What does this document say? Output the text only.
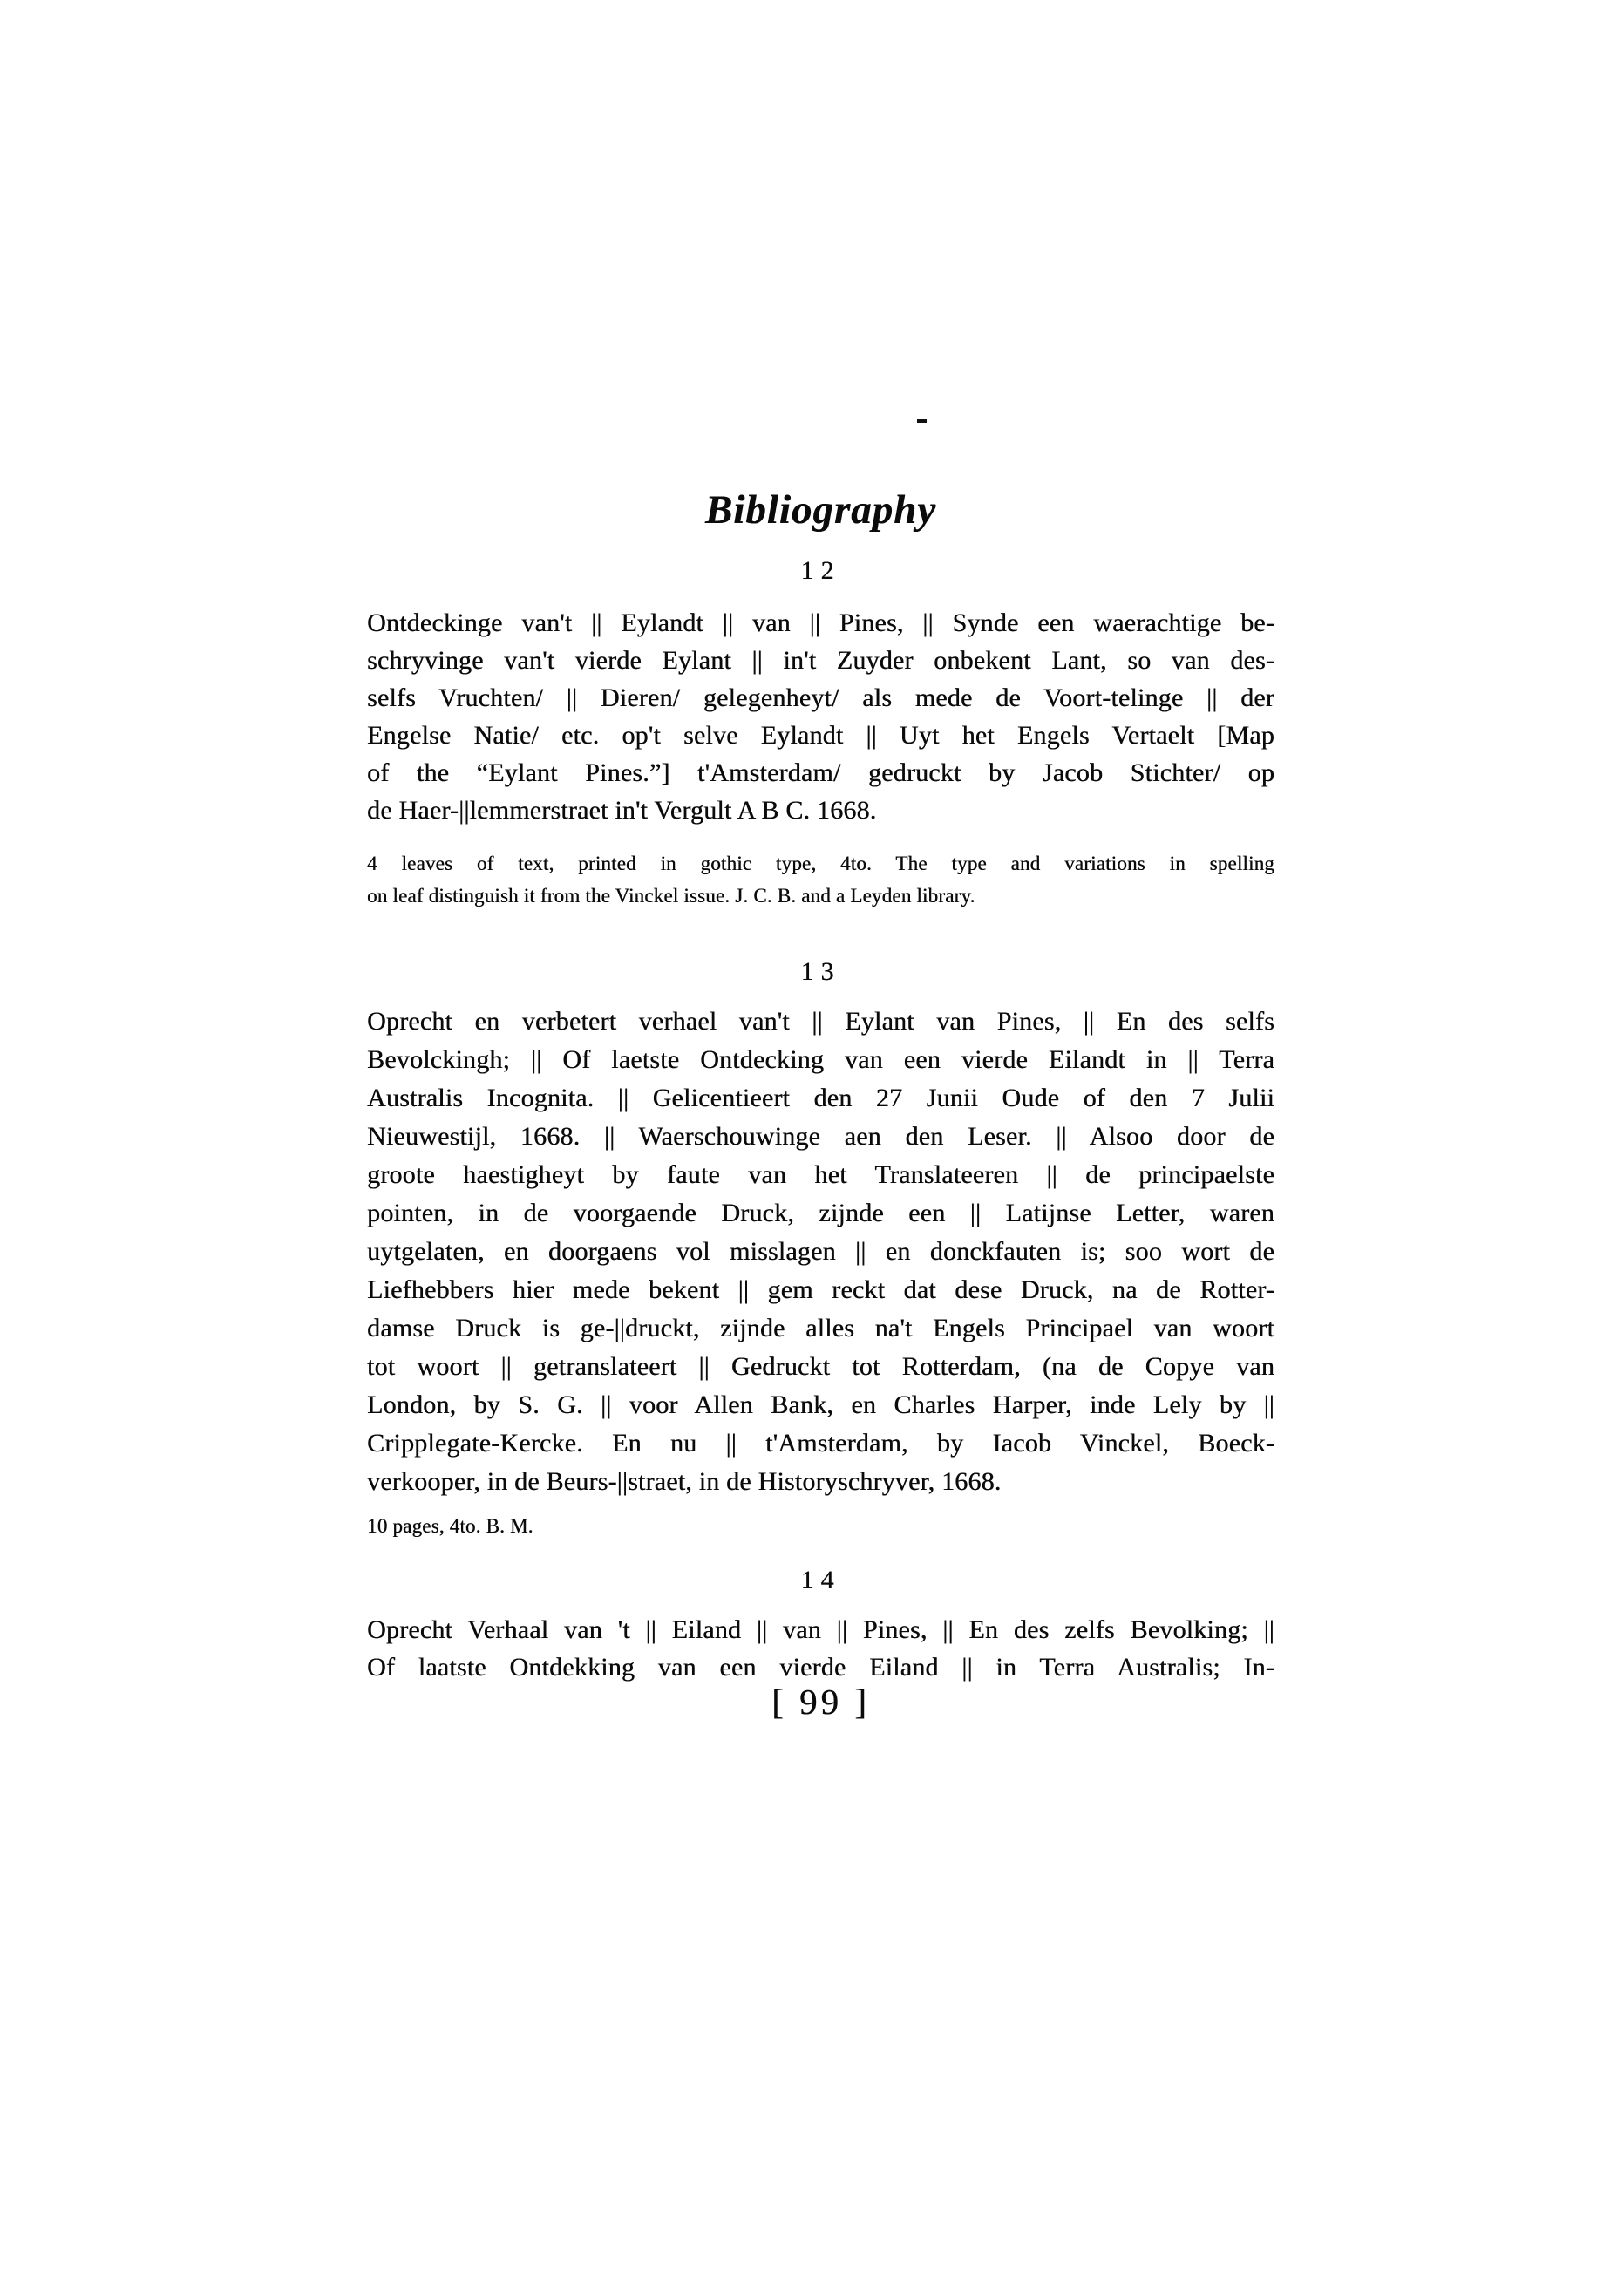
Bibliography
12
Ontdeckinge van't || Eylandt || van || Pines, || Synde een waerachtige be-
schryvinge van't vierde Eylant || in't Zuyder onbekent Lant, so van des-
selfs Vruchten/ || Dieren/ gelegenheyt/ als mede de Voort-telinge || der
Engelse Natie/ etc. op't selve Eylandt || Uyt het Engels Vertaelt [Map
of the “Eylant Pines.”] t'Amsterdam/ gedruckt by Jacob Stichter/ op
de Haer-||lemmerstraet in't Vergult A B C. 1668.
4 leaves of text, printed in gothic type, 4to. The type and variations in spelling
on leaf distinguish it from the Vinckel issue. J. C. B. and a Leyden library.
13
Oprecht en verbetert verhael van't || Eylant van Pines, || En des selfs
Bevolckingh; || Of laetste Ontdecking van een vierde Eilandt in || Terra
Australis Incognita. || Gelicentieert den 27 Junii Oude of den 7 Julii
Nieuwestijl, 1668. || Waerschouwinge aen den Leser. || Alsoo door de
groote haestigheyt by faute van het Translateeren || de principaelste
pointen, in de voorgaende Druck, zijnde een || Latijnse Letter, waren
uytgelaten, en doorgaens vol misslagen || en donckfauten is; soo wort de
Liefhebbers hier mede bekent || gem reckt dat dese Druck, na de Rotter-
damse Druck is ge-||druckt, zijnde alles na't Engels Principael van woort
tot woort || getranslateert || Gedruckt tot Rotterdam, (na de Copye van
London, by S. G. || voor Allen Bank, en Charles Harper, inde Lely by ||
Cripplegate-Kercke. En nu || t'Amsterdam, by Iacob Vinckel, Boeck-
verkooper, in de Beurs-||straet, in de Historyschryver, 1668.
10 pages, 4to. B. M.
14
Oprecht Verhaal van 't || Eiland || van || Pines, || En des zelfs Bevolking; ||
Of laatste Ontdekking van een vierde Eiland || in Terra Australis; In-
[ 99 ]
